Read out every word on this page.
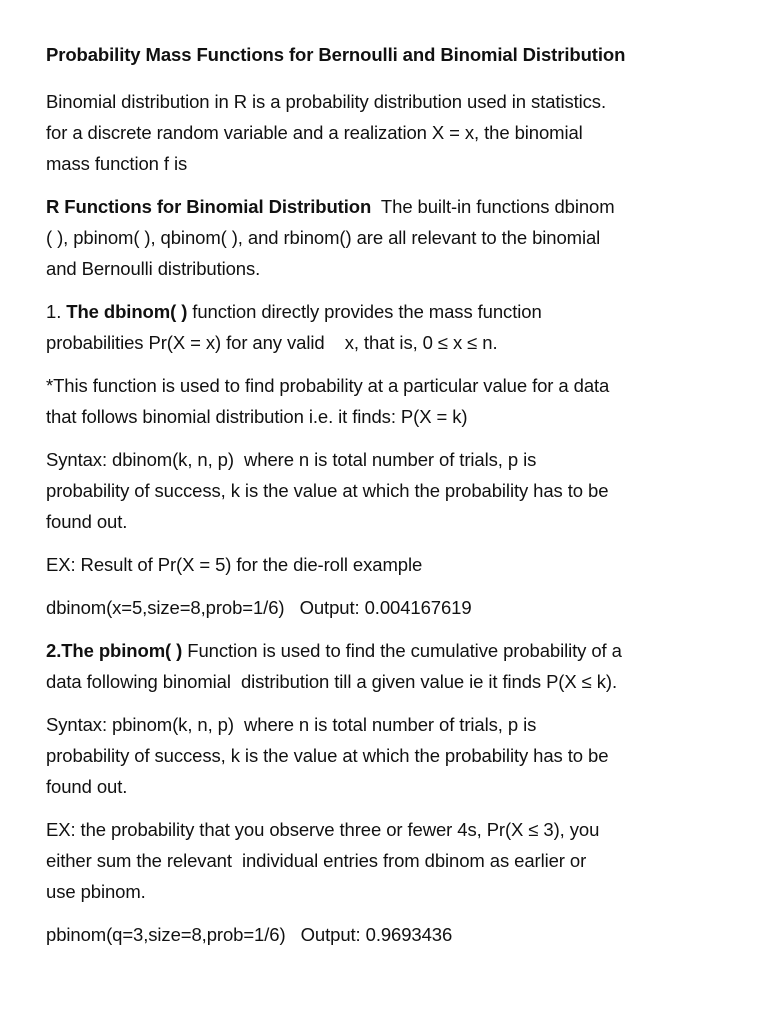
Probability Mass Functions for Bernoulli and Binomial Distribution
Binomial distribution in R is a probability distribution used in statistics.
for a discrete random variable and a realization X = x, the binomial
mass function f is
R Functions for Binomial Distribution  The built-in functions dbinom
( ), pbinom( ), qbinom( ), and rbinom() are all relevant to the binomial
and Bernoulli distributions.
1. The dbinom( ) function directly provides the mass function
probabilities Pr(X = x) for any valid    x, that is, 0 ≤ x ≤ n.
*This function is used to find probability at a particular value for a data
that follows binomial distribution i.e. it finds: P(X = k)
Syntax: dbinom(k, n, p)  where n is total number of trials, p is
probability of success, k is the value at which the probability has to be
found out.
EX: Result of Pr(X = 5) for the die-roll example
dbinom(x=5,size=8,prob=1/6)   Output: 0.004167619
2.The pbinom( ) Function is used to find the cumulative probability of a
data following binomial  distribution till a given value ie it finds P(X ≤ k).
Syntax: pbinom(k, n, p)  where n is total number of trials, p is
probability of success, k is the value at which the probability has to be
found out.
EX: the probability that you observe three or fewer 4s, Pr(X ≤ 3), you
either sum the relevant  individual entries from dbinom as earlier or
use pbinom.
pbinom(q=3,size=8,prob=1/6)   Output: 0.9693436
